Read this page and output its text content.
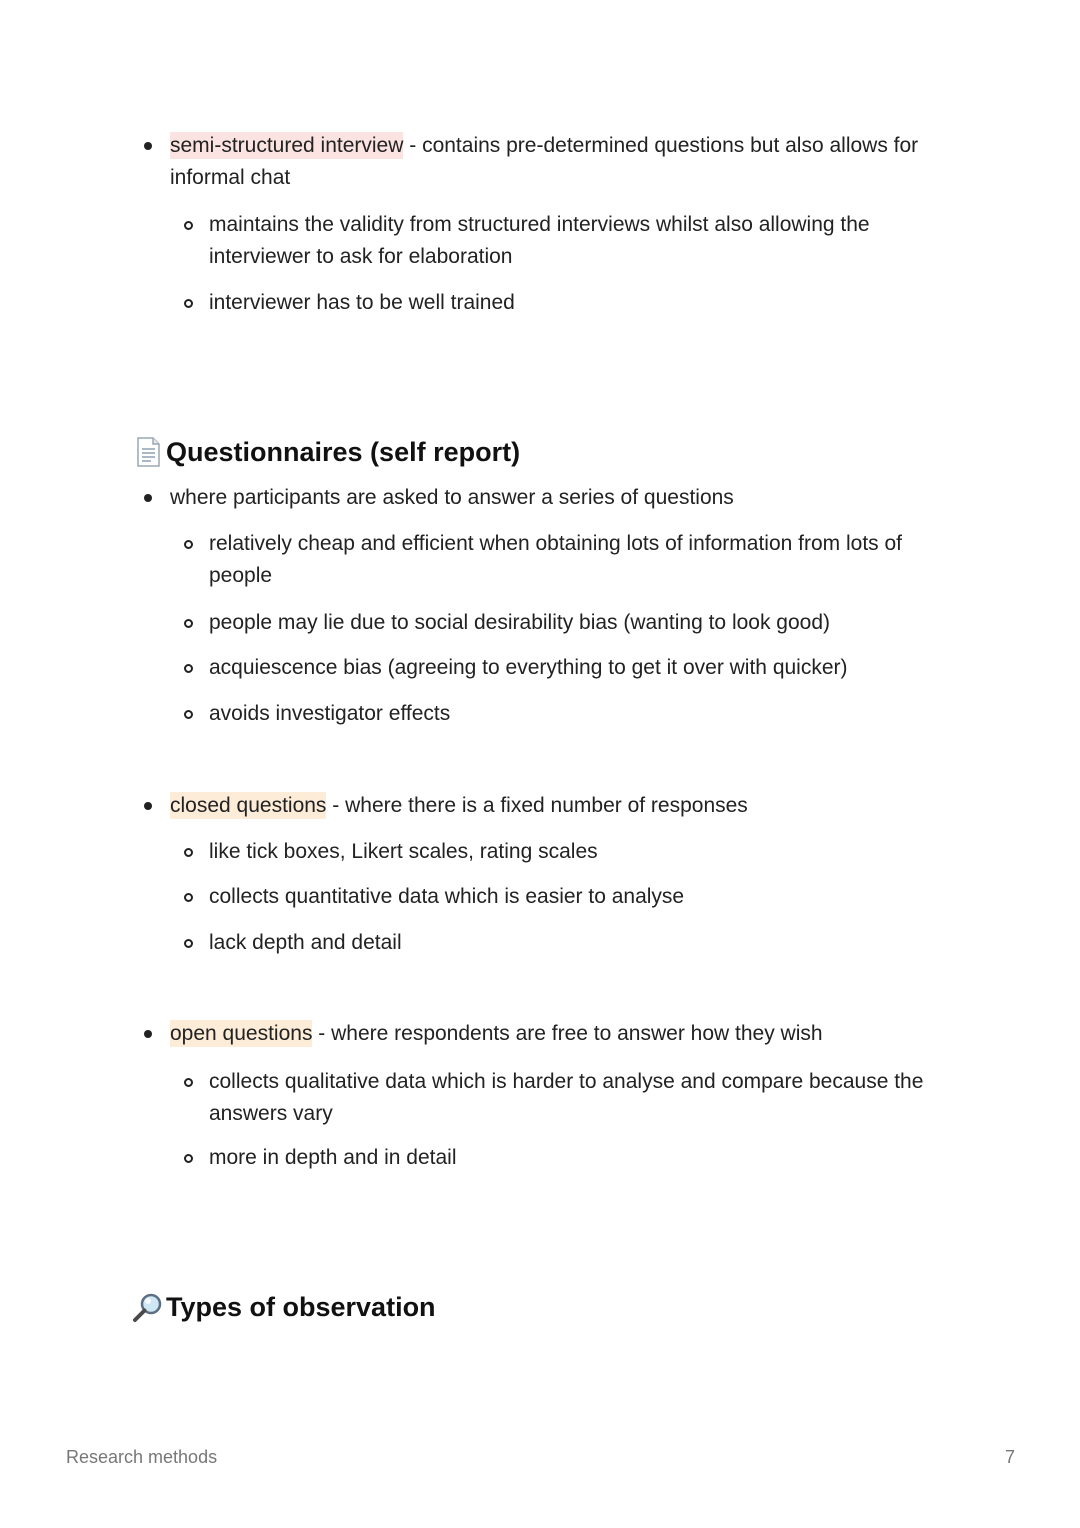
semi-structured interview - contains pre-determined questions but also allows for informal chat
maintains the validity from structured interviews whilst also allowing the interviewer to ask for elaboration
interviewer has to be well trained
Questionnaires (self report)
where participants are asked to answer a series of questions
relatively cheap and efficient when obtaining lots of information from lots of people
people may lie due to social desirability bias (wanting to look good)
acquiescence bias (agreeing to everything to get it over with quicker)
avoids investigator effects
closed questions - where there is a fixed number of responses
like tick boxes, Likert scales, rating scales
collects quantitative data which is easier to analyse
lack depth and detail
open questions - where respondents are free to answer how they wish
collects qualitative data which is harder to analyse and compare because the answers vary
more in depth and in detail
Types of observation
Research methods	7
